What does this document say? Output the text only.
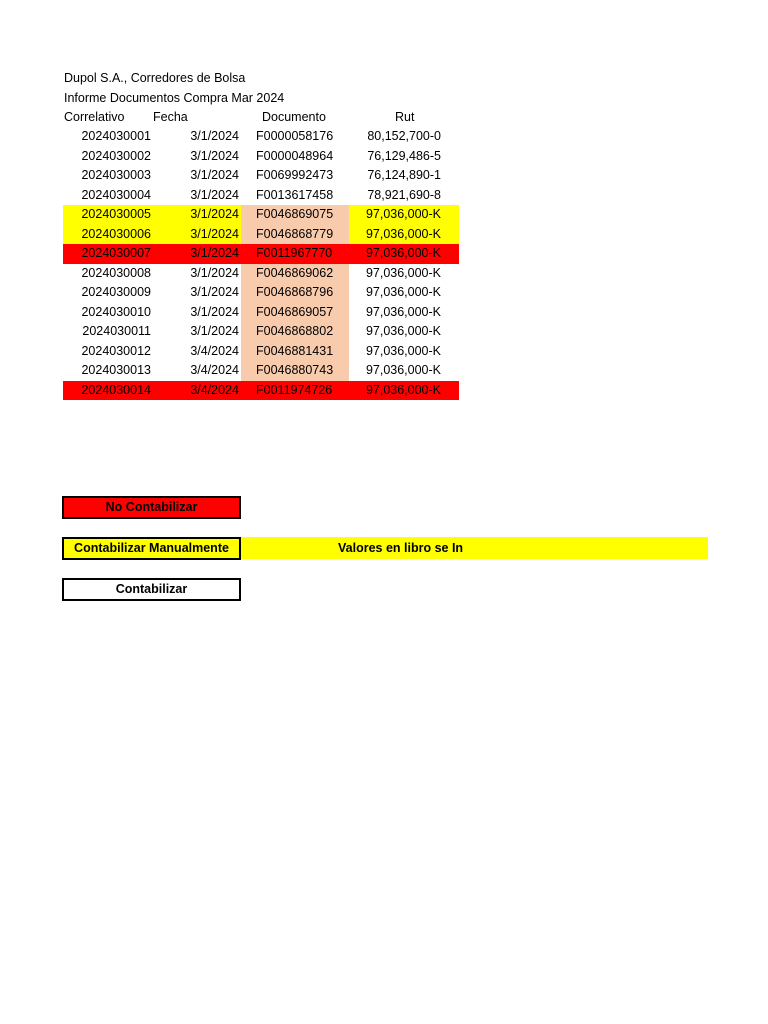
Dupol S.A., Corredores de Bolsa
Informe Documentos Compra Mar 2024
Correlativo Fecha	Documento	Rut
2024030001	3/1/2024	F0000058176	80,152,700-0
2024030002	3/1/2024	F0000048964	76,129,486-5
2024030003	3/1/2024	F0069992473	76,124,890-1
2024030004	3/1/2024	F0013617458	78,921,690-8
2024030005	3/1/2024	F0046869075	97,036,000-K
2024030006	3/1/2024	F0046868779	97,036,000-K
2024030007	3/1/2024	F0011967770	97,036,000-K
2024030008	3/1/2024	F0046869062	97,036,000-K
2024030009	3/1/2024	F0046868796	97,036,000-K
2024030010	3/1/2024	F0046869057	97,036,000-K
2024030011	3/1/2024	F0046868802	97,036,000-K
2024030012	3/4/2024	F0046881431	97,036,000-K
2024030013	3/4/2024	F0046880743	97,036,000-K
2024030014	3/4/2024	F0011974726	97,036,000-K
No Contabilizar
Contabilizar Manualmente	Valores en libro se In
Contabilizar
